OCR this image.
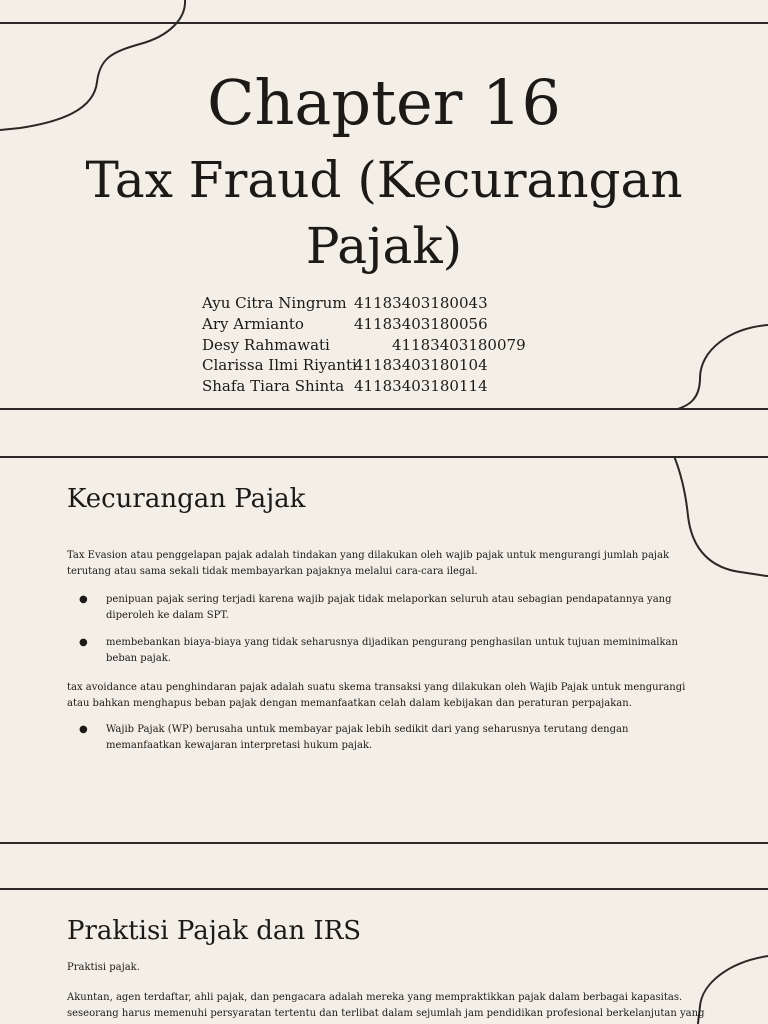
Chapter 16
Tax Fraud (Kecurangan
Pajak)
Ayu Citra Ningrum 41183403180043
Ary Armianto	41183403180056
Desy Rahmawati	41183403180079
Clarissa Ilmi Riyanti
41183403180104
Shafa Tiara Shinta 41183403180114
Kecurangan Pajak

Tax Evasion atau penggelapan pajak adalah tindakan yang dilakukan oleh wajib pajak untuk mengurangi jumlah pajak terutang atau sama sekali tidak membayarkan pajaknya melalui cara-cara ilegal.

● penipuan pajak sering terjadi karena wajib pajak tidak melaporkan seluruh atau sebagian pendapatannya yang diperoleh ke dalam SPT.
● membebankan biaya-biaya yang tidak seharusnya dijadikan pengurang penghasilan untuk tujuan meminimalkan beban pajak.

tax avoidance atau penghindaran pajak adalah suatu skema transaksi yang dilakukan oleh Wajib Pajak untuk mengurangi atau bahkan menghapus beban pajak dengan memanfaatkan celah dalam kebijakan dan peraturan perpajakan.

● Wajib Pajak (WP) berusaha untuk membayar pajak lebih sedikit dari yang seharusnya terutang dengan memanfaatkan kewajaran interpretasi hukum pajak.
Praktisi Pajak dan IRS

Praktisi pajak.

Akuntan, agen terdaftar, ahli pajak, dan pengacara adalah mereka yang mempraktikkan pajak dalam berbagai kapasitas. seseorang harus memenuhi persyaratan tertentu dan terlibat dalam sejumlah jam pendidikan profesional berkelanjutan yang
